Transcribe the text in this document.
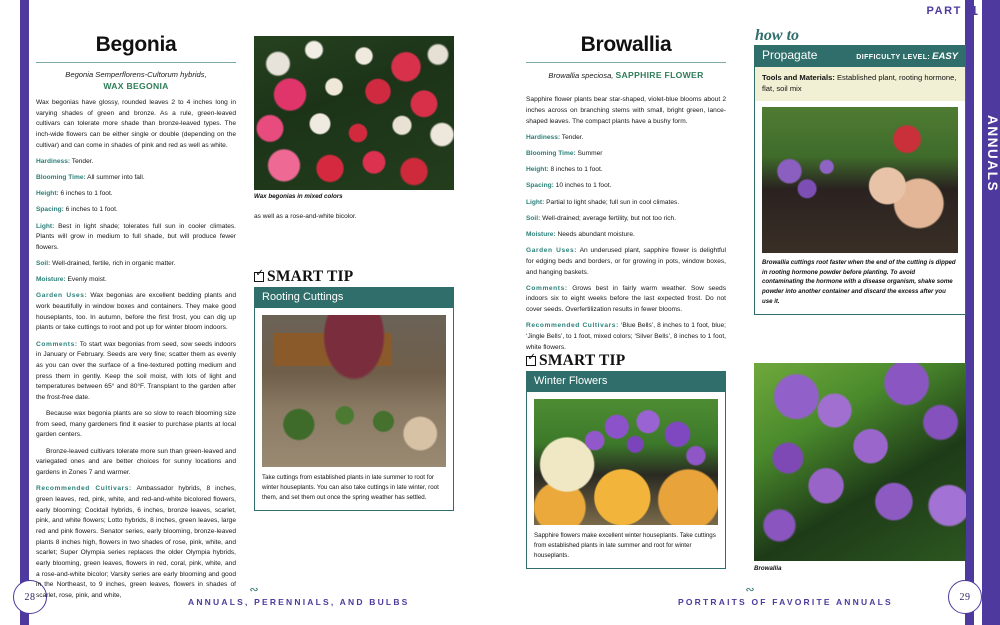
ANNUALS
PART 1
28	29
∾
ANNUALS, PERENNIALS, AND BULBS
∾
PORTRAITS OF FAVORITE ANNUALS
Begonia
Begonia Semperflorens-Cultorum hybrids,
WAX BEGONIA

Wax begonias have glossy, rounded leaves 2 to 4 inches long in varying shades of green and bronze. As a rule, green-leaved cultivars can tolerate more shade than bronze-leaved types. The inch-wide flowers can be either single or double (depending on the cultivar) and can come in shades of pink and red as well as white.

Hardiness: Tender.

Blooming Time: All summer into fall.

Height: 6 inches to 1 foot.

Spacing: 6 inches to 1 foot.

Light: Best in light shade; tolerates full sun in cooler climates. Plants will grow in medium to full shade, but will produce fewer flowers.

Soil: Well-drained, fertile, rich in organic matter.

Moisture: Evenly moist.

Garden Uses: Wax begonias are excellent bedding plants and work beautifully in window boxes and containers. They make good houseplants, too. In autumn, before the first frost, you can dig up plants or take cuttings to root and pot up for winter bloom indoors.

Comments: To start wax begonias from seed, sow seeds indoors in January or February. Seeds are very fine; scatter them as evenly as you can over the surface of a fine-textured potting medium and press them in gently. Keep the soil moist, with lots of light and temperatures between 65° and 80°F. Transplant to the garden after the frost-free date.

Because wax begonia plants are so slow to reach blooming size from seed, many gardeners find it easier to purchase plants at local garden centers.

Bronze-leaved cultivars tolerate more sun than green-leaved and variegated ones and are better choices for sunny locations and gardens in Zones 7 and warmer.

Recommended Cultivars: Ambassador hybrids, 8 inches, green leaves, red, pink, white, and red-and-white bicolored flowers, early blooming; Cocktail hybrids, 6 inches, bronze leaves, scarlet, pink, and white flowers; Lotto hybrids, 8 inches, green leaves, large red and pink flowers. Senator series, early blooming, bronze-leaved plants 8 inches high, flowers in two shades of rose, pink, white, and scarlet; Super Olympia series replaces the older Olympia hybrids, early blooming, green leaves, flowers in red, coral, pink, white, and a rose-and-white bicolor; Varsity series are early blooming and good in the Northeast, to 9 inches, green leaves, flowers in shades of scarlet, rose, pink, and white,

Wax begonias in mixed colors

as well as a rose-and-white bicolor.

✓
SMART TIP
Rooting Cuttings
Take cuttings from established plants in late summer to root for winter houseplants. You can also take cuttings in late winter, root them, and set them out once the spring weather has settled.
Browallia
Browallia speciosa, SAPPHIRE FLOWER

Sapphire flower plants bear star-shaped, violet-blue blooms about 2 inches across on branching stems with small, bright green, lance-shaped leaves. The compact plants have a bushy form.

Hardiness: Tender.

Blooming Time: Summer

Height: 8 inches to 1 foot.

Spacing: 10 inches to 1 foot.

Light: Partial to light shade; full sun in cool climates.

Soil: Well-drained; average fertility, but not too rich.

Moisture: Needs abundant moisture.

Garden Uses: An underused plant, sapphire flower is delightful for edging beds and borders, or for growing in pots, window boxes, and hanging baskets.

Comments: Grows best in fairly warm weather. Sow seeds indoors six to eight weeks before the last expected frost. Do not cover seeds. Overfertilization results in fewer blooms.

Recommended Cultivars: ‘Blue Bells’, 8 inches to 1 foot, blue; ‘Jingle Bells’, to 1 foot, mixed colors; ‘Silver Bells’, 8 inches to 1 foot, white flowers.

✓
SMART TIP
Winter Flowers
Sapphire flowers make excellent winter houseplants. Take cuttings from established plants in late summer and root for winter houseplants.
how to
Propagate	DIFFICULTY LEVEL: EASY
Tools and Materials: Established plant, rooting hormone, flat, soil mix
Browallia cuttings root faster when the end of the cutting is dipped in rooting hormone powder before planting. To avoid contaminating the hormone with a disease organism, shake some powder into another container and discard the excess after you use it.
Browallia
